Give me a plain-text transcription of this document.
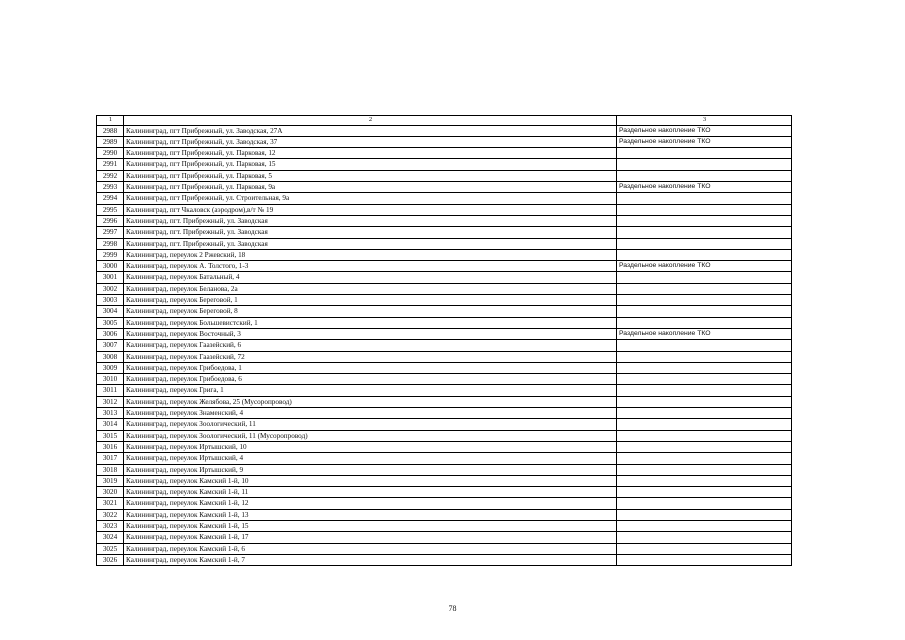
1	2	3
2988	Калининград, пгт Прибрежный, ул. Заводская, 27А	Раздельное накопление ТКО
2989	Калининград, пгт Прибрежный, ул. Заводская, 37	Раздельное накопление ТКО
2990	Калининград, пгт Прибрежный, ул. Парковая, 12	
2991	Калининград, пгт Прибрежный, ул. Парковая, 15	
2992	Калининград, пгт Прибрежный, ул. Парковая, 5	
2993	Калининград, пгт Прибрежный, ул. Парковая, 9а	Раздельное накопление ТКО
2994	Калининград, пгт Прибрежный, ул. Строительная, 9а	
2995	Калининград, пгт Чкаловск (аэродром),в/т № 19	
2996	Калининград, пгт. Прибрежный, ул. Заводская	
2997	Калининград, пгт. Прибрежный, ул. Заводская	
2998	Калининград, пгт. Прибрежный, ул. Заводская	
2999	Калининград, переулок 2 Ржевский, 18	
3000	Калининград, переулок А. Толстого, 1-3	Раздельное накопление ТКО
3001	Калининград, переулок Батальный, 4	
3002	Калининград, переулок Беланова, 2а	
3003	Калининград, переулок Береговой, 1	
3004	Калининград, переулок Береговой, 8	
3005	Калининград, переулок Большевистский, 1	
3006	Калининград, переулок Восточный, 3	Раздельное накопление ТКО
3007	Калининград, переулок Гаазейский, 6	
3008	Калининград, переулок Гаазейский, 72	
3009	Калининград, переулок Грибоедова, 1	
3010	Калининград, переулок Грибоедова, 6	
3011	Калининград, переулок Грига, 1	
3012	Калининград, переулок Желябова, 25 (Мусоропровод)	
3013	Калининград, переулок Знаменский, 4	
3014	Калининград, переулок Зоологический, 11	
3015	Калининград, переулок Зоологический, 11 (Мусоропровод)	
3016	Калининград, переулок Иртышский, 10	
3017	Калининград, переулок Иртышский, 4	
3018	Калининград, переулок Иртышский, 9	
3019	Калининград, переулок Камский 1-й, 10	
3020	Калининград, переулок Камский 1-й, 11	
3021	Калининград, переулок Камский 1-й, 12	
3022	Калининград, переулок Камский 1-й, 13	
3023	Калининград, переулок Камский 1-й, 15	
3024	Калининград, переулок Камский 1-й, 17	
3025	Калининград, переулок Камский 1-й, 6	
3026	Калининград, переулок Камский 1-й, 7	
78
